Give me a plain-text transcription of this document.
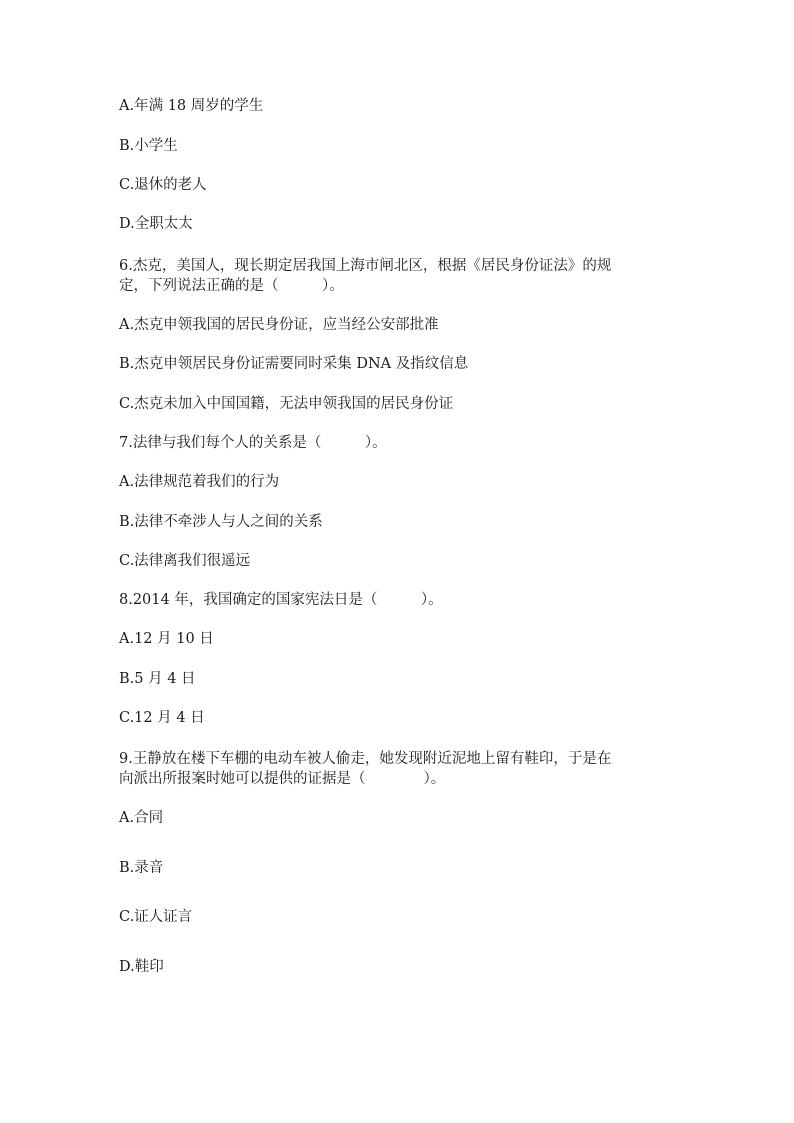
A.年满 18 周岁的学生
B.小学生
C.退休的老人
D.全职太太
6.杰克，美国人，现长期定居我国上海市闸北区，根据《居民身份证法》的规
定，下列说法正确的是（　　　）。
A.杰克申领我国的居民身份证，应当经公安部批准
B.杰克申领居民身份证需要同时采集 DNA 及指纹信息
C.杰克未加入中国国籍，无法申领我国的居民身份证
7.法律与我们每个人的关系是（　　　）。
A.法律规范着我们的行为
B.法律不牵涉人与人之间的关系
C.法律离我们很遥远
8.2014 年，我国确定的国家宪法日是（　　　）。
A.12 月 10 日
B.5 月 4 日
C.12 月 4 日
9.王静放在楼下车棚的电动车被人偷走，她发现附近泥地上留有鞋印，于是在
向派出所报案时她可以提供的证据是（　　　　）。
A.合同
B.录音
C.证人证言
D.鞋印
